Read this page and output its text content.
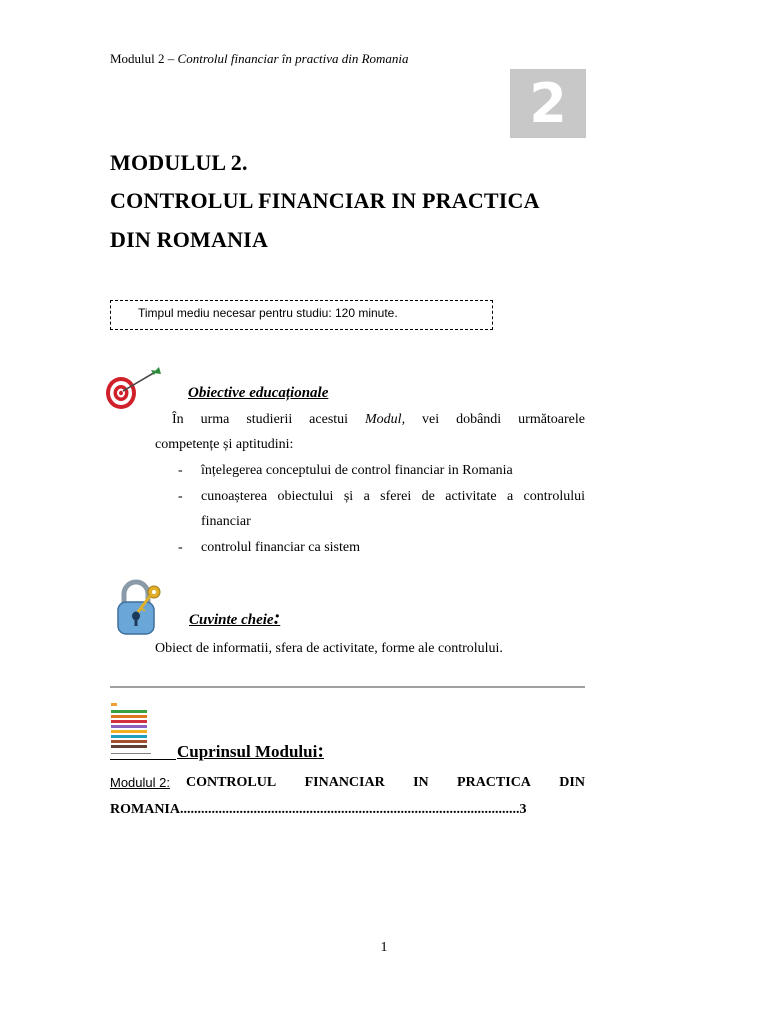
Modulul 2 – Controlul financiar în practiva din Romania
2
MODULUL 2.
CONTROLUL FINANCIAR IN PRACTICA
DIN ROMANIA
Timpul mediu necesar pentru studiu: 120 minute.
Obiective educaționale
În urma studierii acestui Modul, vei dobândi următoarele
competențe și aptitudini:
- înțelegerea conceptului de control financiar in Romania
- cunoașterea obiectului și a sferei de activitate a controlului
financiar
- controlul financiar ca sistem
Cuvinte cheie:
Obiect de informatii, sfera de activitate, forme ale controlului.
Cuprinsul Modului:
Modulul 2: CONTROLUL FINANCIAR IN PRACTICA DIN
ROMANIA.................................................................................................3
1
